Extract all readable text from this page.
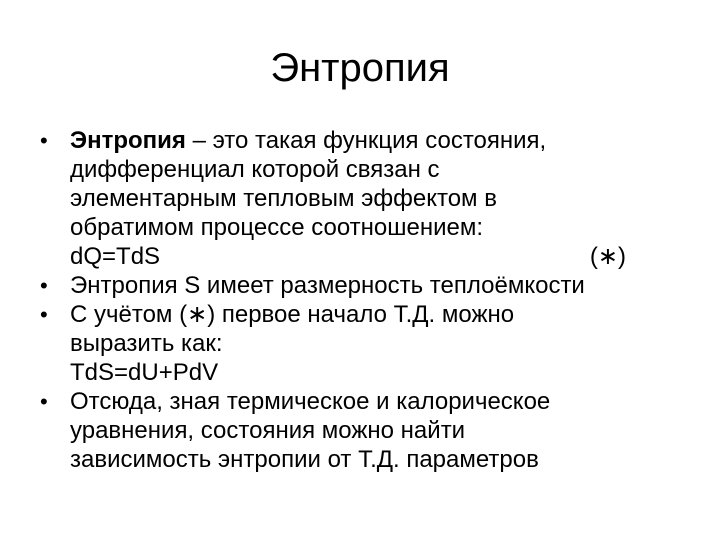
Энтропия
• Энтропия – это такая функция состояния,
дифференциал которой связан с
элементарным тепловым эффектом в
обратимом процессе соотношением:
dQ=TdS	(∗)
• Энтропия S имеет размерность теплоёмкости
• С учётом (∗) первое начало Т.Д. можно
выразить как:
TdS=dU+PdV
• Отсюда, зная термическое и калорическое
уравнения, состояния можно найти
зависимость энтропии от Т.Д. параметров
